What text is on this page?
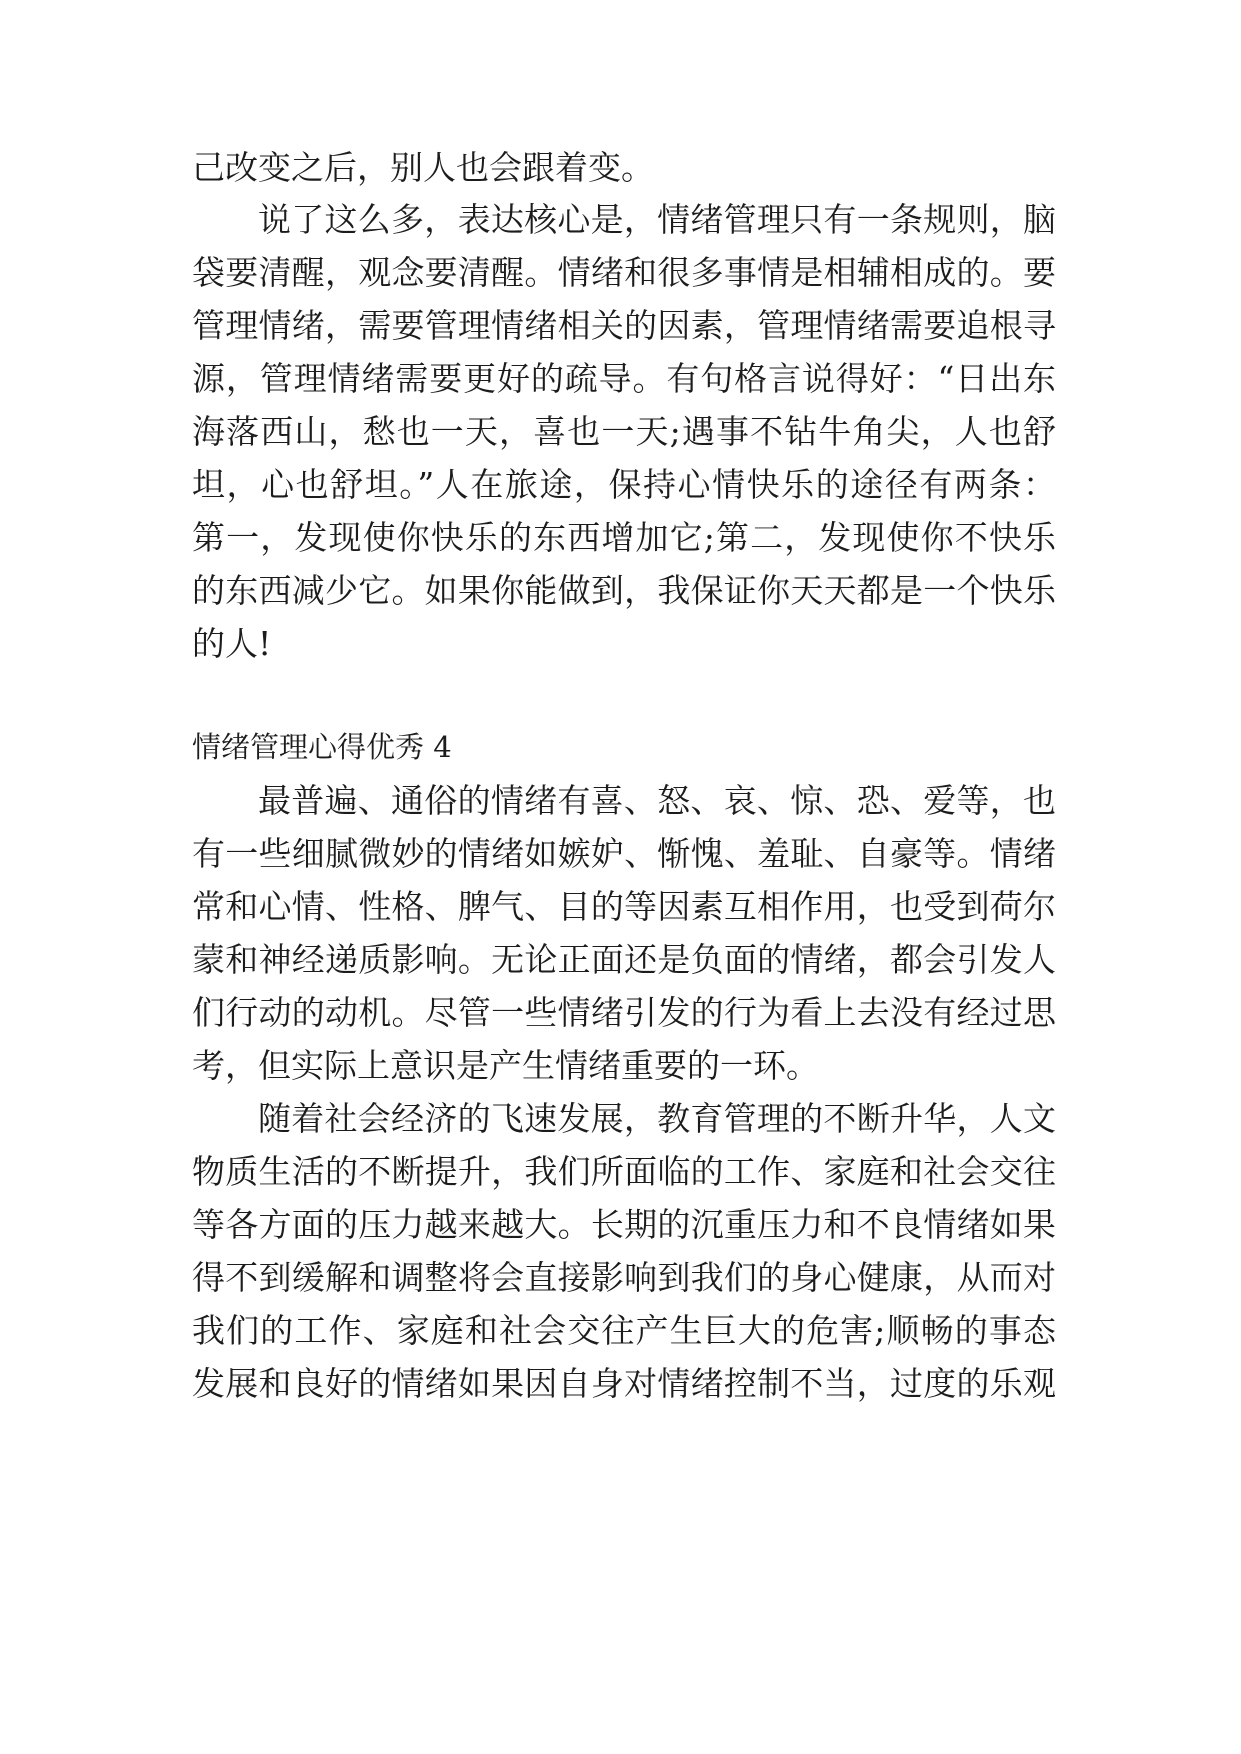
己改变之后，别人也会跟着变。
说了这么多，表达核心是，情绪管理只有一条规则，脑
袋要清醒，观念要清醒。情绪和很多事情是相辅相成的。要
管理情绪，需要管理情绪相关的因素，管理情绪需要追根寻
源，管理情绪需要更好的疏导。有句格言说得好：“日出东
海落西山，愁也一天，喜也一天;遇事不钻牛角尖，人也舒
坦，心也舒坦。”人在旅途，保持心情快乐的途径有两条：
第一，发现使你快乐的东西增加它;第二，发现使你不快乐
的东西减少它。如果你能做到，我保证你天天都是一个快乐
的人!
情绪管理心得优秀 4
最普遍、通俗的情绪有喜、怒、哀、惊、恐、爱等，也
有一些细腻微妙的情绪如嫉妒、惭愧、羞耻、自豪等。情绪
常和心情、性格、脾气、目的等因素互相作用，也受到荷尔
蒙和神经递质影响。无论正面还是负面的情绪，都会引发人
们行动的动机。尽管一些情绪引发的行为看上去没有经过思
考，但实际上意识是产生情绪重要的一环。
随着社会经济的飞速发展，教育管理的不断升华，人文
物质生活的不断提升，我们所面临的工作、家庭和社会交往
等各方面的压力越来越大。长期的沉重压力和不良情绪如果
得不到缓解和调整将会直接影响到我们的身心健康，从而对
我们的工作、家庭和社会交往产生巨大的危害;顺畅的事态
发展和良好的情绪如果因自身对情绪控制不当，过度的乐观
